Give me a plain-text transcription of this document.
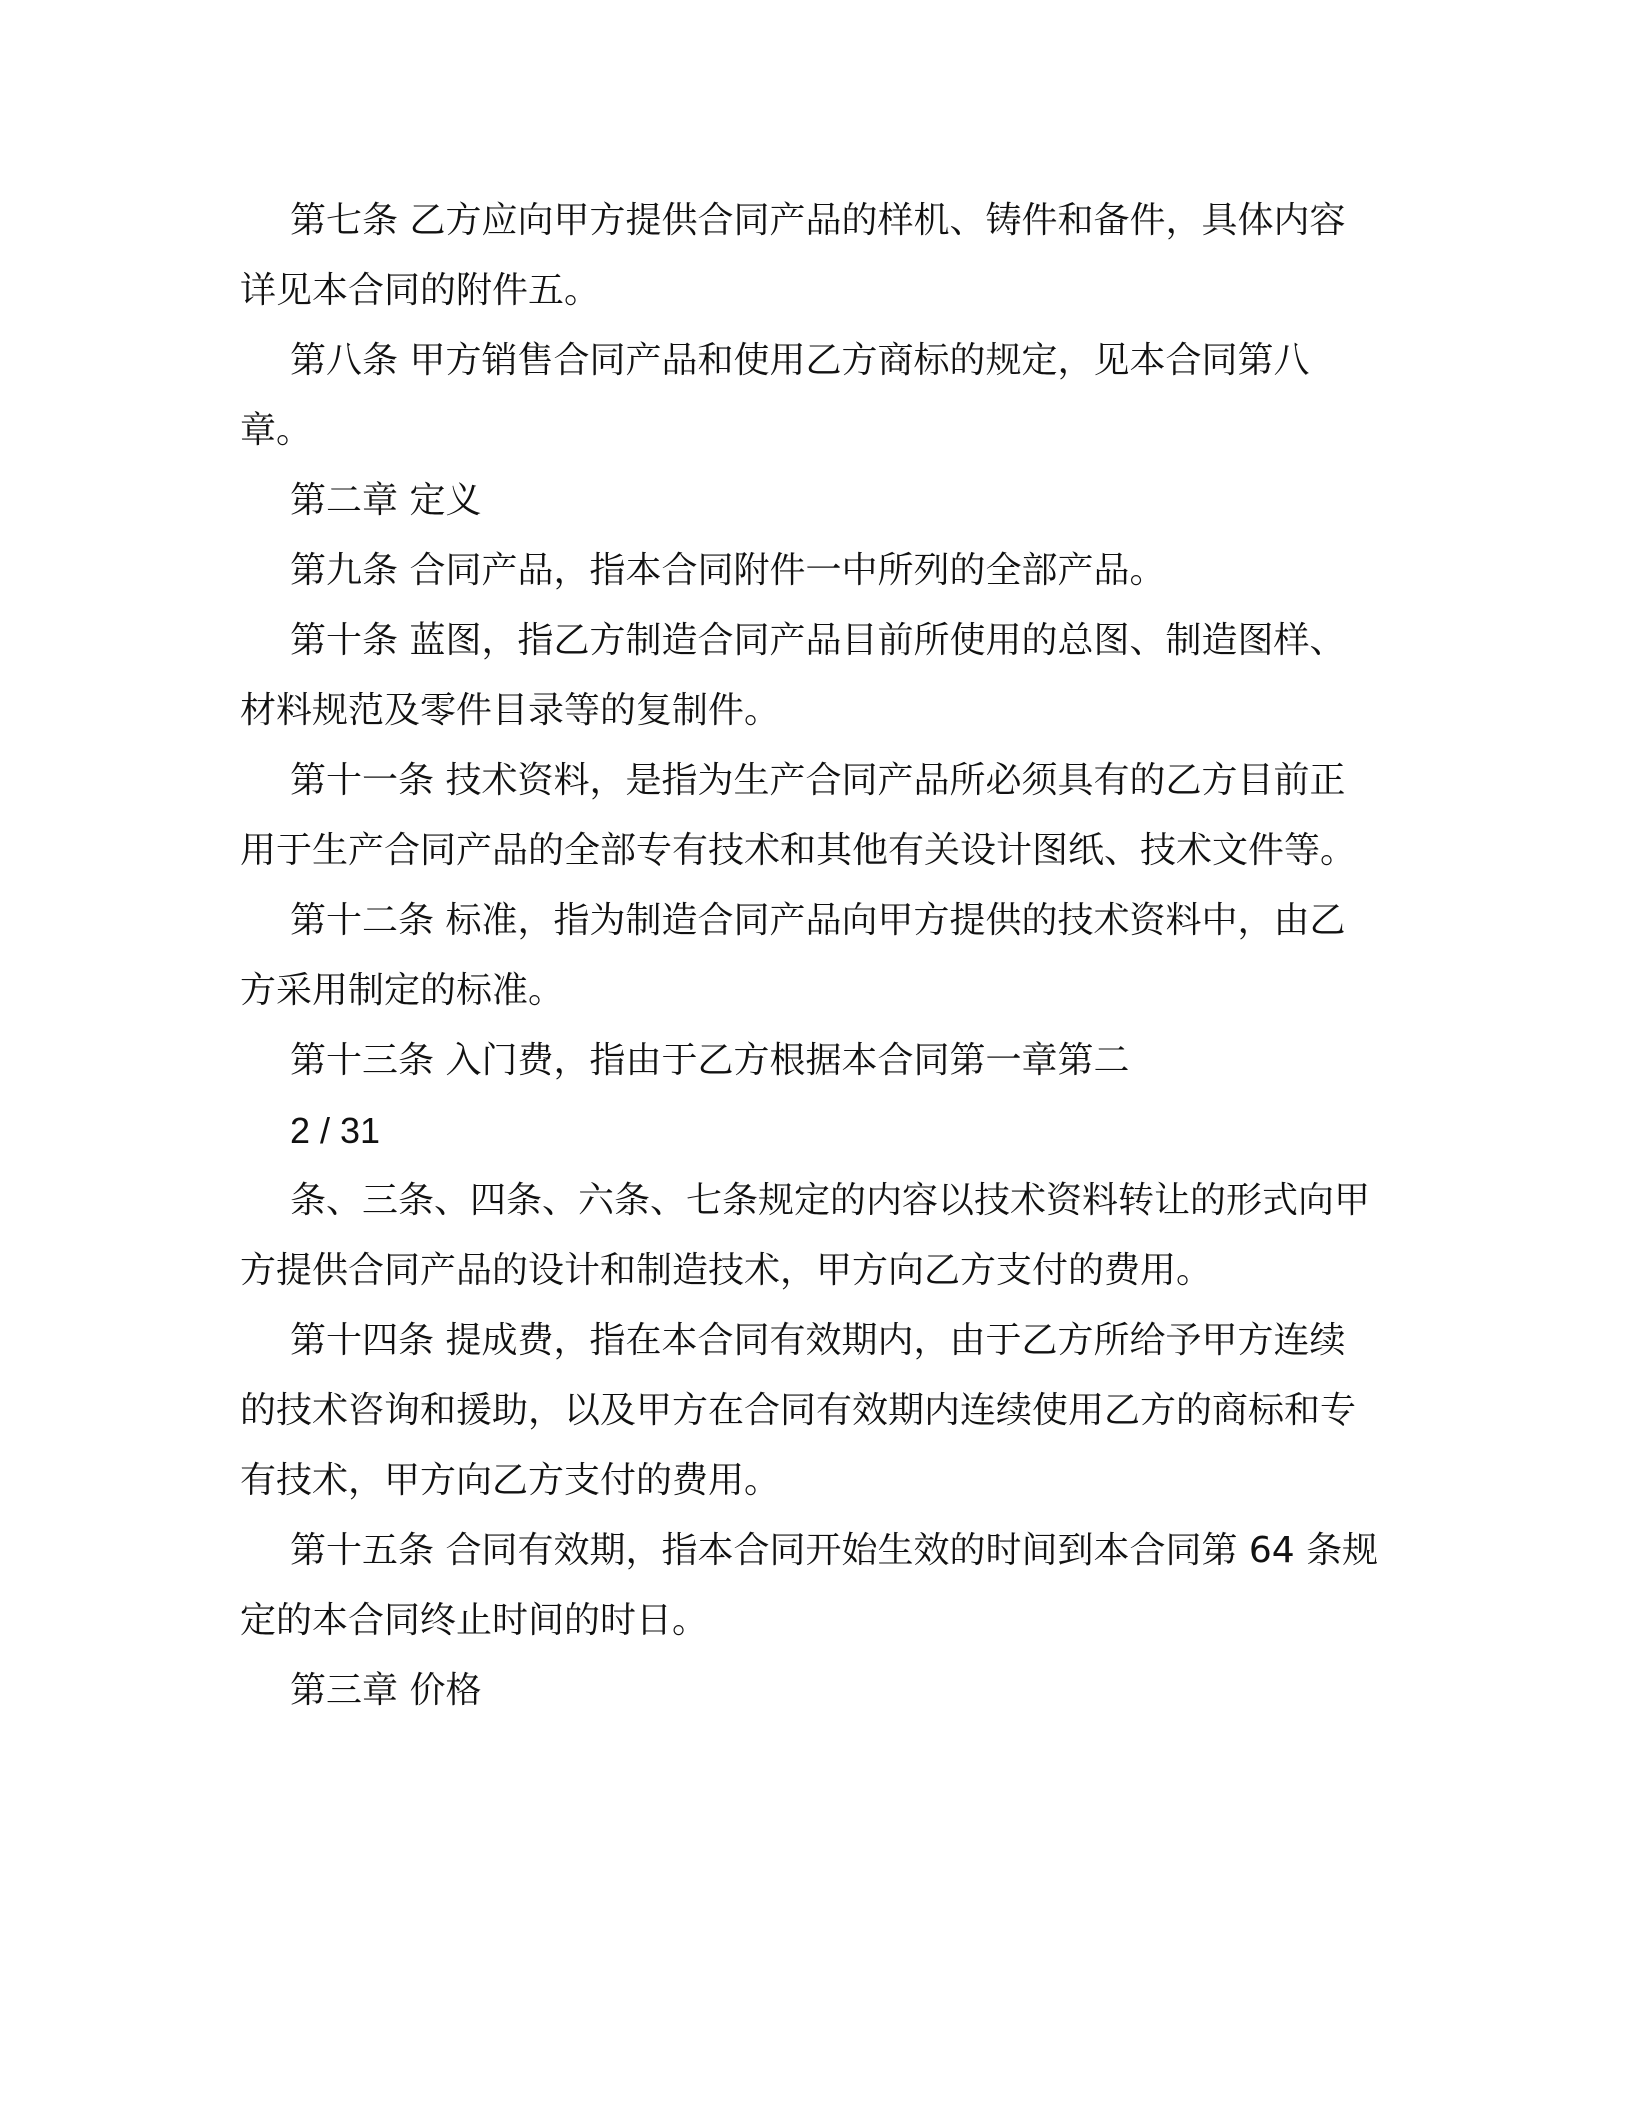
第七条 乙方应向甲方提供合同产品的样机、铸件和备件，具体内容详见本合同的附件五。

第八条 甲方销售合同产品和使用乙方商标的规定，见本合同第八章。

第二章 定义

第九条 合同产品，指本合同附件一中所列的全部产品。

第十条 蓝图，指乙方制造合同产品目前所使用的总图、制造图样、材料规范及零件目录等的复制件。

第十一条 技术资料，是指为生产合同产品所必须具有的乙方目前正用于生产合同产品的全部专有技术和其他有关设计图纸、技术文件等。

第十二条 标准，指为制造合同产品向甲方提供的技术资料中，由乙方采用制定的标准。

第十三条 入门费，指由于乙方根据本合同第一章第二

2 / 31

条、三条、四条、六条、七条规定的内容以技术资料转让的形式向甲方提供合同产品的设计和制造技术，甲方向乙方支付的费用。

第十四条 提成费，指在本合同有效期内，由于乙方所给予甲方连续的技术咨询和援助，以及甲方在合同有效期内连续使用乙方的商标和专有技术，甲方向乙方支付的费用。

第十五条 合同有效期，指本合同开始生效的时间到本合同第 64 条规定的本合同终止时间的时日。

第三章 价格
